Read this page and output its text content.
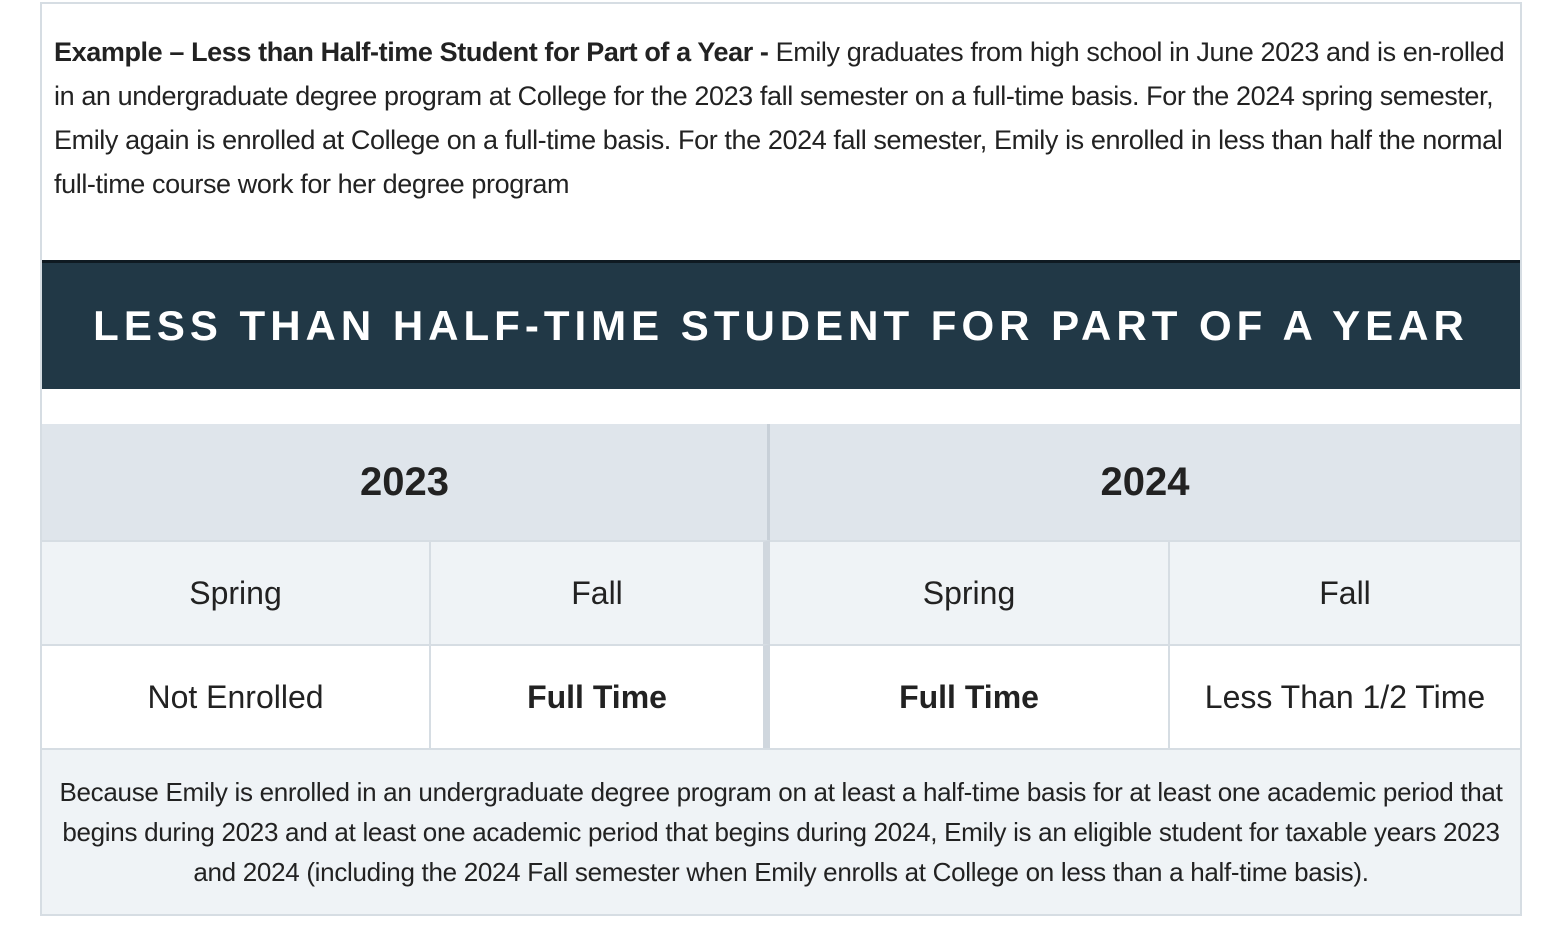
Example – Less than Half-time Student for Part of a Year - Emily graduates from high school in June 2023 and is en-rolled in an undergraduate degree program at College for the 2023 fall semester on a full-time basis. For the 2024 spring semester, Emily again is enrolled at College on a full-time basis. For the 2024 fall semester, Emily is enrolled in less than half the normal full-time course work for her degree program
LESS THAN HALF-TIME STUDENT FOR PART OF A YEAR
2023	2024
Spring	Fall	Spring	Fall
Not Enrolled	Full Time	Full Time	Less Than 1/2 Time
Because Emily is enrolled in an undergraduate degree program on at least a half-time basis for at least one academic period that begins during 2023 and at least one academic period that begins during 2024, Emily is an eligible student for taxable years 2023 and 2024 (including the 2024 Fall semester when Emily enrolls at College on less than a half-time basis).
